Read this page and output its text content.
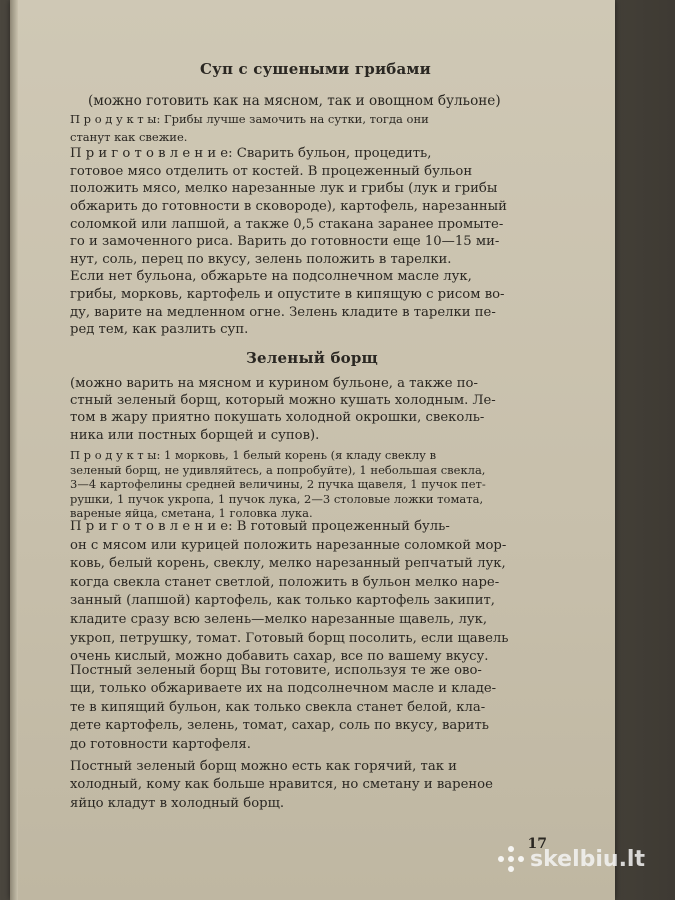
Суп с сушеными грибами
(можно готовить как на мясном, так и овощном бульоне)
П р о д у к т ы: Грибы лучше замочить на сутки, тогда они
станут как свежие.
П р и г о т о в л е н и е: Сварить бульон, процедить,
готовое мясо отделить от костей. В процеженный бульон
положить мясо, мелко нарезанные лук и грибы (лук и грибы
обжарить до готовности в сковороде), картофель, нарезанный
соломкой или лапшой, а также 0,5 стакана заранее промыте-
го и замоченного риса. Варить до готовности еще 10—15 ми-
нут, соль, перец по вкусу, зелень положить в тарелки.
Если нет бульона, обжарьте на подсолнечном масле лук,
грибы, морковь, картофель и опустите в кипящую с рисом во-
ду, варите на медленном огне. Зелень кладите в тарелки пе-
ред тем, как разлить суп.
Зеленый борщ
(можно варить на мясном и курином бульоне, а также по-
стный зеленый борщ, который можно кушать холодным. Ле-
том в жару приятно покушать холодной окрошки, свеколь-
ника или постных борщей и супов).
П р о д у к т ы: 1 морковь, 1 белый корень (я кладу свеклу в
зеленый борщ, не удивляйтесь, а попробуйте), 1 небольшая свекла,
3—4 картофелины средней величины, 2 пучка щавеля, 1 пучок пет-
рушки, 1 пучок укропа, 1 пучок лука, 2—3 столовые ложки томата,
вареные яйца, сметана, 1 головка лука.
П р и г о т о в л е н и е: В готовый процеженный буль-
он с мясом или курицей положить нарезанные соломкой мор-
ковь, белый корень, свеклу, мелко нарезанный репчатый лук,
когда свекла станет светлой, положить в бульон мелко наре-
занный (лапшой) картофель, как только картофель закипит,
кладите сразу всю зелень—мелко нарезанные щавель, лук,
укроп, петрушку, томат. Готовый борщ посолить, если щавель
очень кислый, можно добавить сахар, все по вашему вкусу.
Постный зеленый борщ Вы готовите, используя те же ово-
щи, только обжариваете их на подсолнечном масле и кладе-
те в кипящий бульон, как только свекла станет белой, кла-
дете картофель, зелень, томат, сахар, соль по вкусу, варить
до готовности картофеля.
Постный зеленый борщ можно есть как горячий, так и
холодный, кому как больше нравится, но сметану и вареное
яйцо кладут в холодный борщ.
17
skelbiu.lt
